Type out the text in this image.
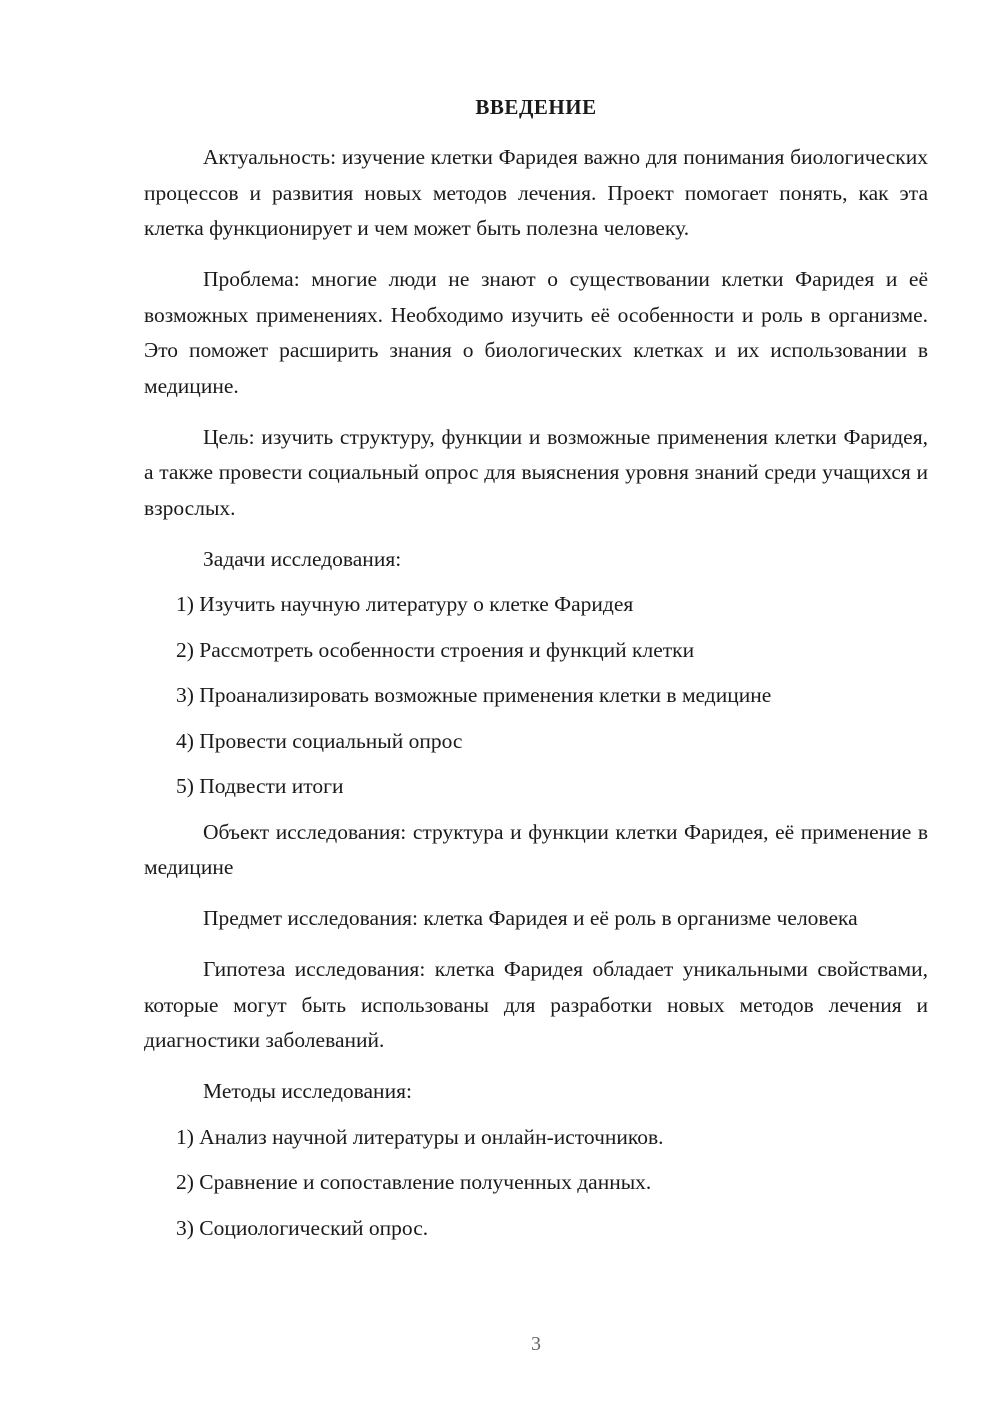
ВВЕДЕНИЕ

Актуальность: изучение клетки Фаридея важно для понимания биологических процессов и развития новых методов лечения. Проект помогает понять, как эта клетка функционирует и чем может быть полезна человеку.

Проблема: многие люди не знают о существовании клетки Фаридея и её возможных применениях. Необходимо изучить её особенности и роль в организме. Это поможет расширить знания о биологических клетках и их использовании в медицине.

Цель: изучить структуру, функции и возможные применения клетки Фаридея, а также провести социальный опрос для выяснения уровня знаний среди учащихся и взрослых.

Задачи исследования:

1) Изучить научную литературу о клетке Фаридея
2) Рассмотреть особенности строения и функций клетки
3) Проанализировать возможные применения клетки в медицине
4) Провести социальный опрос
5) Подвести итоги

Объект исследования: структура и функции клетки Фаридея, её применение в медицине

Предмет исследования: клетка Фаридея и её роль в организме человека

Гипотеза исследования: клетка Фаридея обладает уникальными свойствами, которые могут быть использованы для разработки новых методов лечения и диагностики заболеваний.

Методы исследования:

1) Анализ научной литературы и онлайн-источников.
2) Сравнение и сопоставление полученных данных.
3) Социологический опрос.
3
